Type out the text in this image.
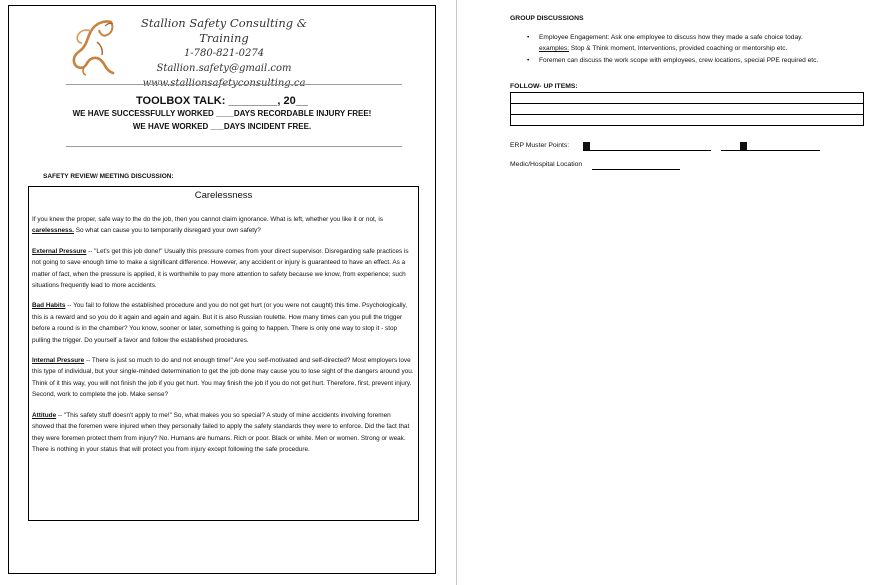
Stallion Safety Consulting & Training
1-780-821-0274
Stallion.safety@gmail.com
www.stallionsafetyconsulting.ca
TOOLBOX TALK: ________, 20__
WE HAVE SUCCESSFULLY WORKED ____DAYS RECORDABLE INJURY FREE!
WE HAVE WORKED ___DAYS INCIDENT FREE.
SAFETY REVIEW/ MEETING DISCUSSION:
Carelessness

If you knew the proper, safe way to the do the job, then you cannot claim ignorance. What is left, whether you like it or not, is carelessness. So what can cause you to temporarily disregard your own safety?

External Pressure -- "Let's get this job done!" Usually this pressure comes from your direct supervisor. Disregarding safe practices is not going to save enough time to make a significant difference. However, any accident or injury is guaranteed to have an effect. As a matter of fact, when the pressure is applied, it is worthwhile to pay more attention to safety because we know, from experience; such situations frequently lead to more accidents.

Bad Habits -- You fail to follow the established procedure and you do not get hurt (or you were not caught) this time. Psychologically, this is a reward and so you do it again and again and again. But it is also Russian roulette. How many times can you pull the trigger before a round is in the chamber? You know, sooner or later, something is going to happen. There is only one way to stop it - stop pulling the trigger. Do yourself a favor and follow the established procedures.

Internal Pressure -- There is just so much to do and not enough time!" Are you self-motivated and self-directed? Most employers love this type of individual, but your single-minded determination to get the job done may cause you to lose sight of the dangers around you. Think of it this way, you will not finish the job if you get hurt. You may finish the job if you do not get hurt. Therefore, first, prevent injury. Second, work to complete the job. Make sense?

Attitude -- "This safety stuff doesn't apply to me!" So, what makes you so special? A study of mine accidents involving foremen showed that the foremen were injured when they personally failed to apply the safety standards they were to enforce. Did the fact that they were foremen protect them from injury? No. Humans are humans. Rich or poor. Black or white. Men or women. Strong or weak. There is nothing in your status that will protect you from injury except following the safe procedure.

GROUP DISCUSSIONS
• Employee Engagement: Ask one employee to discuss how they made a safe choice today.
examples: Stop & Think moment, Interventions, provided coaching or mentorship etc.
• Foremen can discuss the work scope with employees, crew locations, special PPE required etc.
FOLLOW- UP ITEMS:

ERP Muster Points:
Medic/Hospital Location
